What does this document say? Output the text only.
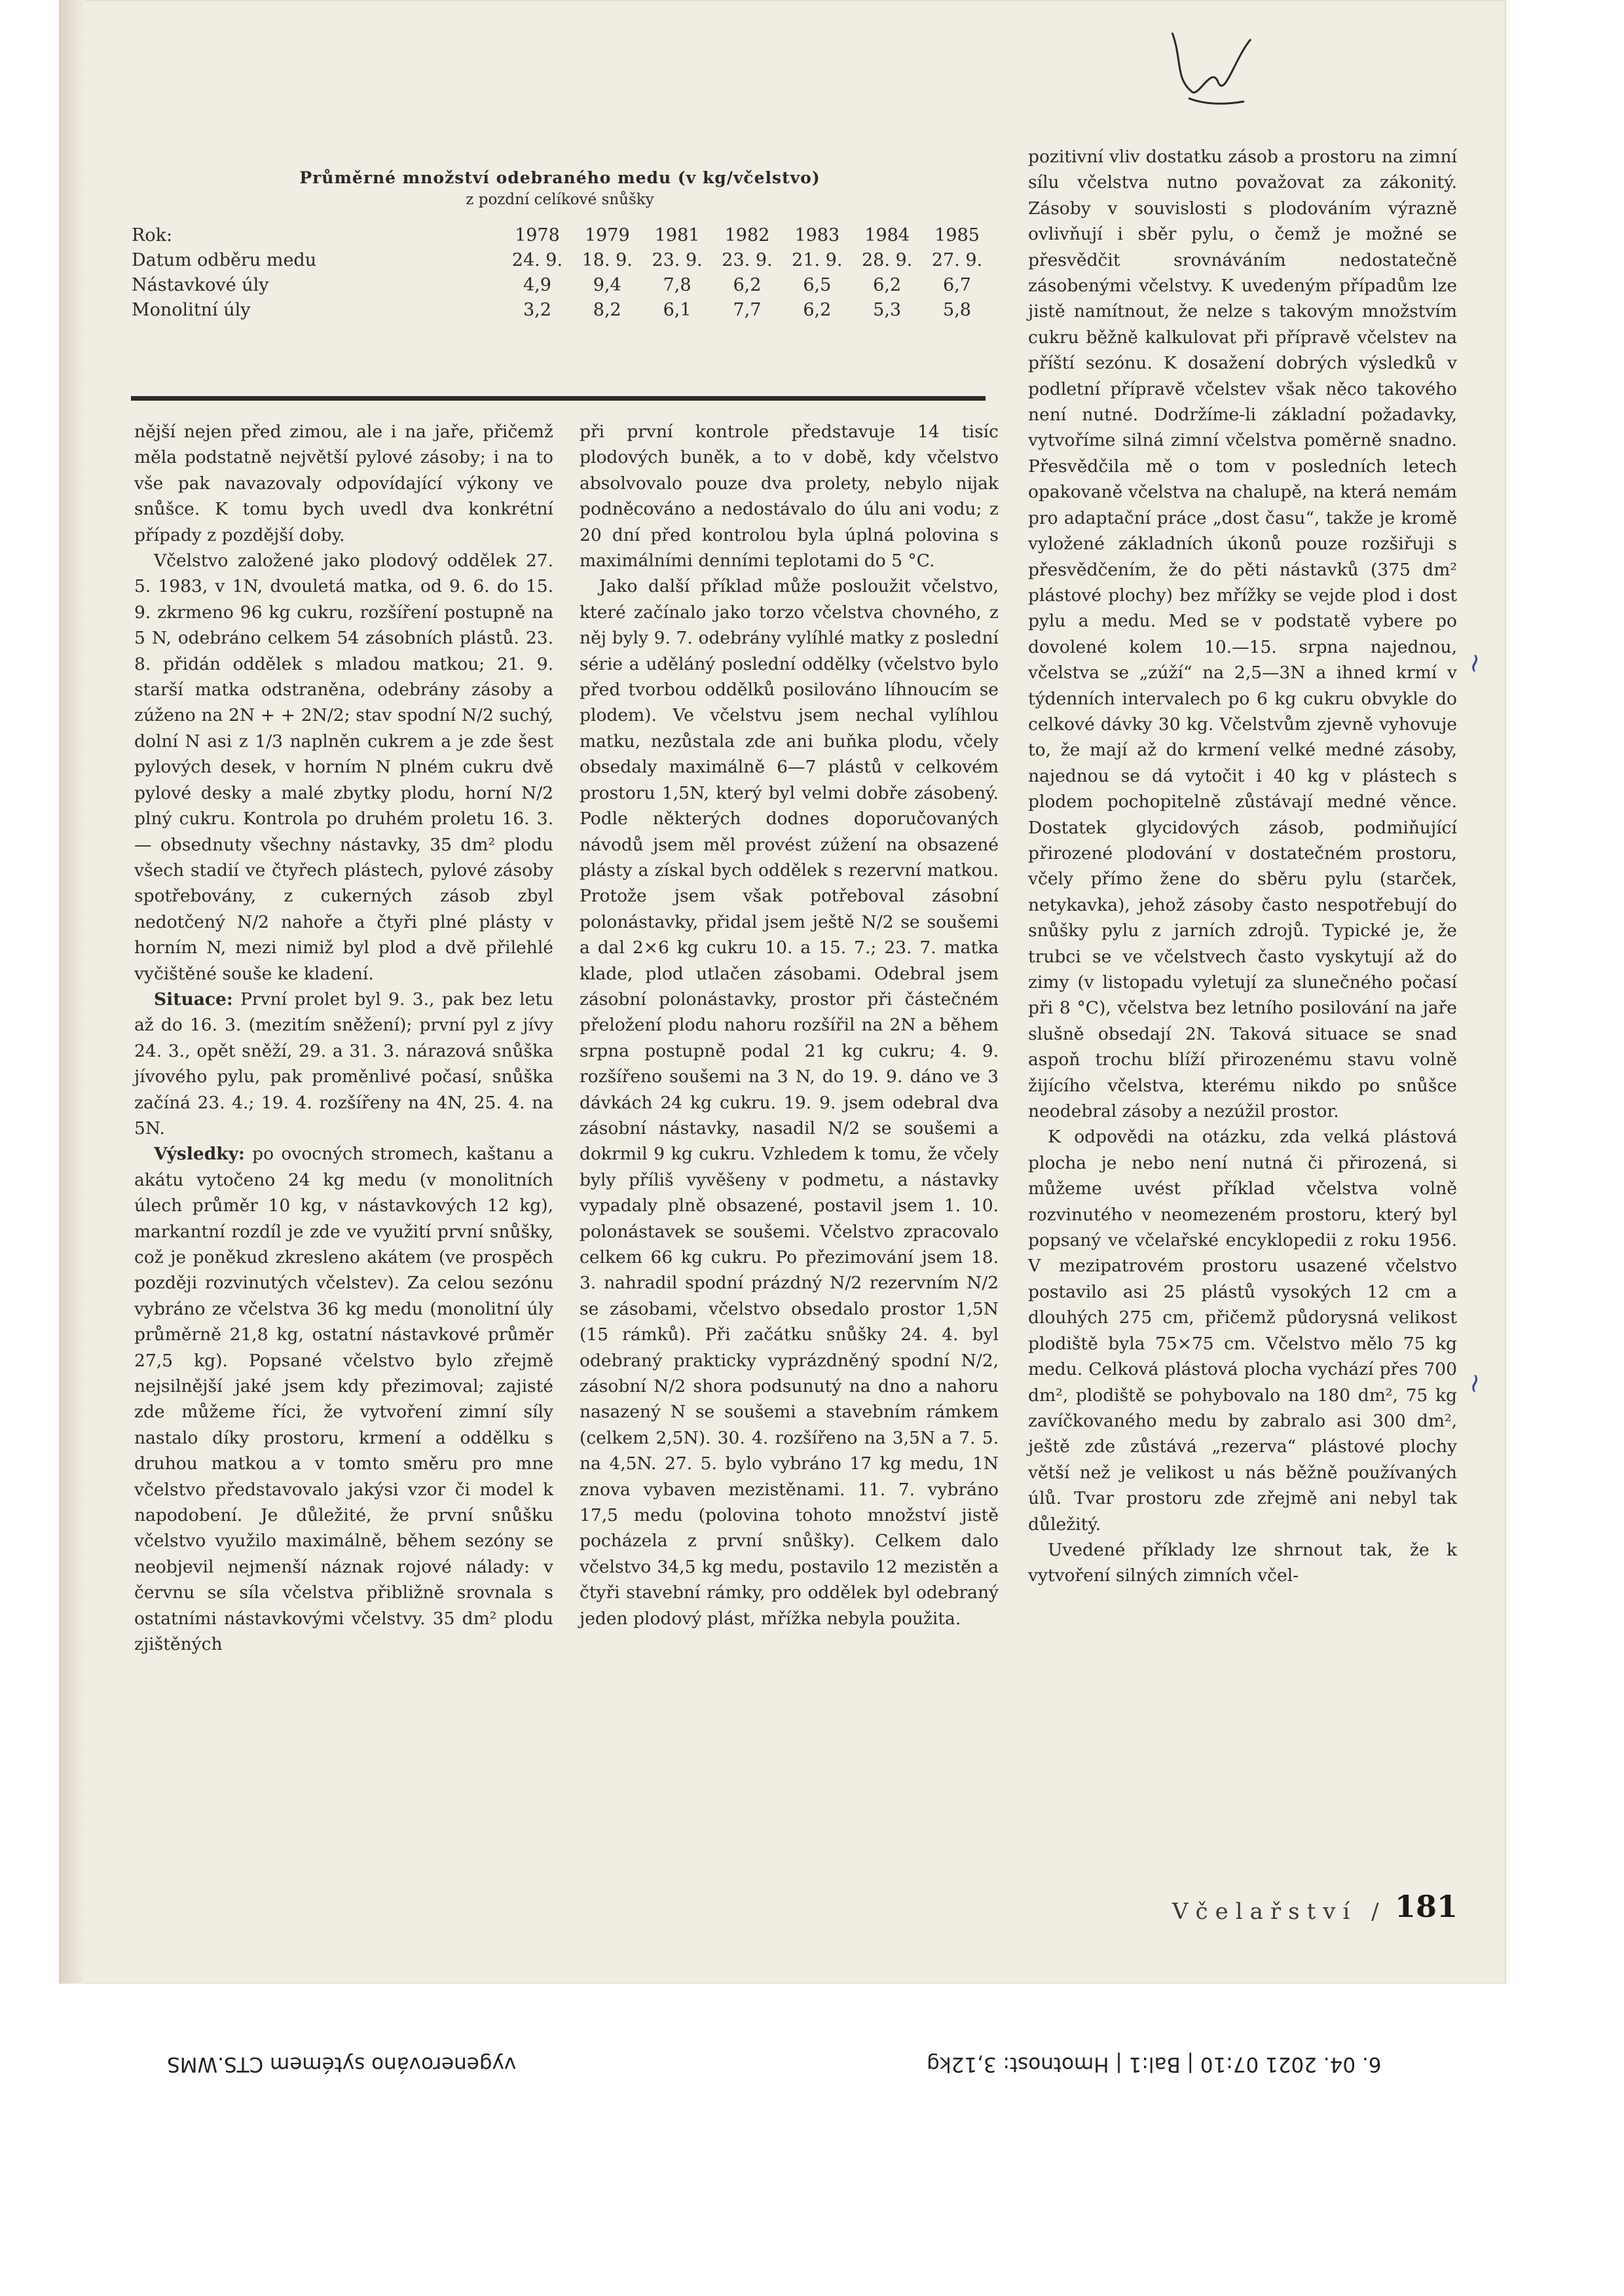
Průměrné množství odebraného medu (v kg/včelstvo)
z pozdní celíkové snůšky
Rok:	1978	1979	1981	1982	1983	1984	1985
Datum odběru medu	24. 9.	18. 9.	23. 9.	23. 9.	21. 9.	28. 9.	27. 9.
Nástavkové úly	4,9	9,4	7,8	6,2	6,5	6,2	6,7
Monolitní úly	3,2	8,2	6,1	7,7	6,2	5,3	5,8

nější nejen před zimou, ale i na jaře, přičemž měla podstatně největší pylové zásoby; i na to vše pak navazovaly odpovídající výkony ve snůšce. K tomu bych uvedl dva konkrétní případy z pozdější doby.

Včelstvo založené jako plodový oddělek 27. 5. 1983, v 1N, dvouletá matka, od 9. 6. do 15. 9. zkrmeno 96 kg cukru, rozšíření postupně na 5 N, odebráno celkem 54 zásobních plástů. 23. 8. přidán oddělek s mladou matkou; 21. 9. starší matka odstraněna, odebrány zásoby a zúženo na 2N + + 2N/2; stav spodní N/2 suchý, dolní N asi z 1/3 naplněn cukrem a je zde šest pylových desek, v horním N plném cukru dvě pylové desky a malé zbytky plodu, horní N/2 plný cukru. Kontrola po druhém proletu 16. 3. — obsednuty všechny nástavky, 35 dm² plodu všech stadií ve čtyřech plástech, pylové zásoby spotřebovány, z cukerných zásob zbyl nedotčený N/2 nahoře a čtyři plné plásty v horním N, mezi nimiž byl plod a dvě přilehlé vyčištěné souše ke kladení.

Situace: První prolet byl 9. 3., pak bez letu až do 16. 3. (mezitím sněžení); první pyl z jívy 24. 3., opět sněží, 29. a 31. 3. nárazová snůška jívového pylu, pak proměnlivé počasí, snůška začíná 23. 4.; 19. 4. rozšířeny na 4N, 25. 4. na 5N.

Výsledky: po ovocných stromech, kaštanu a akátu vytočeno 24 kg medu (v monolitních úlech průměr 10 kg, v nástavkových 12 kg), markantní rozdíl je zde ve využití první snůšky, což je poněkud zkresleno akátem (ve prospěch později rozvinutých včelstev). Za celou sezónu vybráno ze včelstva 36 kg medu (monolitní úly průměrně 21,8 kg, ostatní nástavkové průměr 27,5 kg). Popsané včelstvo bylo zřejmě nejsilnější jaké jsem kdy přezimoval; zajisté zde můžeme říci, že vytvoření zimní síly nastalo díky prostoru, krmení a oddělku s druhou matkou a v tomto směru pro mne včelstvo představovalo jakýsi vzor či model k napodobení. Je důležité, že první snůšku včelstvo využilo maximálně, během sezóny se neobjevil nejmenší náznak rojové nálady: v červnu se síla včelstva přibližně srovnala s ostatními nástavkovými včelstvy. 35 dm² plodu zjištěných

při první kontrole představuje 14 tisíc plodových buněk, a to v době, kdy včelstvo absolvovalo pouze dva prolety, nebylo nijak podněcováno a nedostávalo do úlu ani vodu; z 20 dní před kontrolou byla úplná polovina s maximálními denními teplotami do 5 °C.

Jako další příklad může posloužit včelstvo, které začínalo jako torzo včelstva chovného, z něj byly 9. 7. odebrány vylíhlé matky z poslední série a uděláný poslední oddělky (včelstvo bylo před tvorbou oddělků posilováno líhnoucím se plodem). Ve včelstvu jsem nechal vylíhlou matku, nezůstala zde ani buňka plodu, včely obsedaly maximálně 6—7 plástů v celkovém prostoru 1,5N, který byl velmi dobře zásobený. Podle některých dodnes doporučovaných návodů jsem měl provést zúžení na obsazené plásty a získal bych oddělek s rezervní matkou. Protože jsem však potřeboval zásobní polonástavky, přidal jsem ještě N/2 se soušemi a dal 2×6 kg cukru 10. a 15. 7.; 23. 7. matka klade, plod utlačen zásobami. Odebral jsem zásobní polonástavky, prostor při částečném přeložení plodu nahoru rozšířil na 2N a během srpna postupně podal 21 kg cukru; 4. 9. rozšířeno soušemi na 3 N, do 19. 9. dáno ve 3 dávkách 24 kg cukru. 19. 9. jsem odebral dva zásobní nástavky, nasadil N/2 se soušemi a dokrmil 9 kg cukru. Vzhledem k tomu, že včely byly příliš vyvěšeny v podmetu, a nástavky vypadaly plně obsazené, postavil jsem 1. 10. polonástavek se soušemi. Včelstvo zpracovalo celkem 66 kg cukru. Po přezimování jsem 18. 3. nahradil spodní prázdný N/2 rezervním N/2 se zásobami, včelstvo obsedalo prostor 1,5N (15 rámků). Při začátku snůšky 24. 4. byl odebraný prakticky vyprázdněný spodní N/2, zásobní N/2 shora podsunutý na dno a nahoru nasazený N se soušemi a stavebním rámkem (celkem 2,5N). 30. 4. rozšířeno na 3,5N a 7. 5. na 4,5N. 27. 5. bylo vybráno 17 kg medu, 1N znova vybaven mezistěnami. 11. 7. vybráno 17,5 medu (polovina tohoto množství jistě pocházela z první snůšky). Celkem dalo včelstvo 34,5 kg medu, postavilo 12 mezistěn a čtyři stavební rámky, pro oddělek byl odebraný jeden plodový plást, mřížka nebyla použita.

pozitivní vliv dostatku zásob a prostoru na zimní sílu včelstva nutno považovat za zákonitý. Zásoby v souvislosti s plodováním výrazně ovlivňují i sběr pylu, o čemž je možné se přesvědčit srovnáváním nedostatečně zásobenými včelstvy. K uvedeným případům lze jistě namítnout, že nelze s takovým množstvím cukru běžně kalkulovat při přípravě včelstev na příští sezónu. K dosažení dobrých výsledků v podletní přípravě včelstev však něco takového není nutné. Dodržíme-li základní požadavky, vytvoříme silná zimní včelstva poměrně snadno. Přesvědčila mě o tom v posledních letech opakovaně včelstva na chalupě, na která nemám pro adaptační práce „dost času“, takže je kromě vyložené základních úkonů pouze rozšiřuji s přesvědčením, že do pěti nástavků (375 dm² plástové plochy) bez mřížky se vejde plod i dost pylu a medu. Med se v podstatě vybere po dovolené kolem 10.—15. srpna najednou, včelstva se „zúží“ na 2,5—3N a ihned krmí v týdenních intervalech po 6 kg cukru obvykle do celkové dávky 30 kg. Včelstvům zjevně vyhovuje to, že mají až do krmení velké medné zásoby, najednou se dá vytočit i 40 kg v plástech s plodem pochopitelně zůstávají medné věnce. Dostatek glycidových zásob, podmiňující přirozené plodování v dostatečném prostoru, včely přímo žene do sběru pylu (starček, netykavka), jehož zásoby často nespotřebují do snůšky pylu z jarních zdrojů. Typické je, že trubci se ve včelstvech často vyskytují až do zimy (v listopadu vyletují za slunečného počasí při 8 °C), včelstva bez letního posilování na jaře slušně obsedají 2N. Taková situace se snad aspoň trochu blíží přirozenému stavu volně žijícího včelstva, kterému nikdo po snůšce neodebral zásoby a nezúžil prostor.

K odpovědi na otázku, zda velká plástová plocha je nebo není nutná či přirozená, si můžeme uvést příklad včelstva volně rozvinutého v neomezeném prostoru, který byl popsaný ve včelařské encyklopedii z roku 1956. V mezipatrovém prostoru usazené včelstvo postavilo asi 25 plástů vysokých 12 cm a dlouhých 275 cm, přičemž půdorysná velikost plodiště byla 75×75 cm. Včelstvo mělo 75 kg medu. Celková plástová plocha vychází přes 700 dm², plodiště se pohybovalo na 180 dm², 75 kg zavíčkovaného medu by zabralo asi 300 dm², ještě zde zůstává „rezerva“ plástové plochy větší než je velikost u nás běžně používaných úlů. Tvar prostoru zde zřejmě ani nebyl tak důležitý.

Uvedené příklady lze shrnout tak, že k vytvoření silných zimních včel-

~
~
Včelařství / 181
vygenerováno sytémem CTS.WMS	6. 04. 2021 07:10 | Bal:1 | Hmotnost: 3,12kg
